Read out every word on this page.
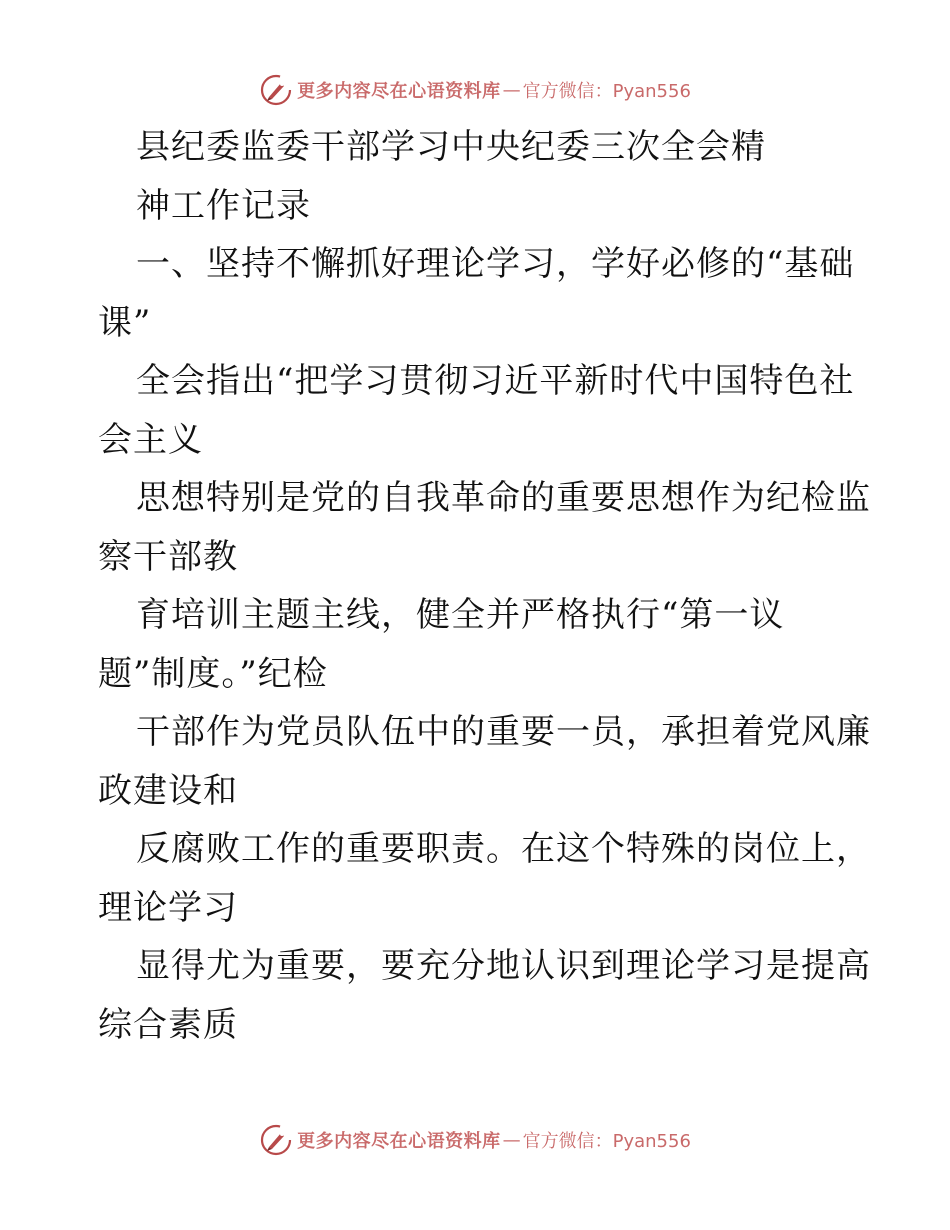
更多内容尽在心语资料库 — 官方微信：Pyan556
县纪委监委干部学习中央纪委三次全会精
神工作记录
一、坚持不懈抓好理论学习，学好必修的“基础
课”
全会指出“把学习贯彻习近平新时代中国特色社
会主义
思想特别是党的自我革命的重要思想作为纪检监
察干部教
育培训主题主线，健全并严格执行“第一议
题”制度。”纪检
干部作为党员队伍中的重要一员，承担着党风廉
政建设和
反腐败工作的重要职责。在这个特殊的岗位上，
理论学习
显得尤为重要，要充分地认识到理论学习是提高
综合素质
更多内容尽在心语资料库 — 官方微信：Pyan556
